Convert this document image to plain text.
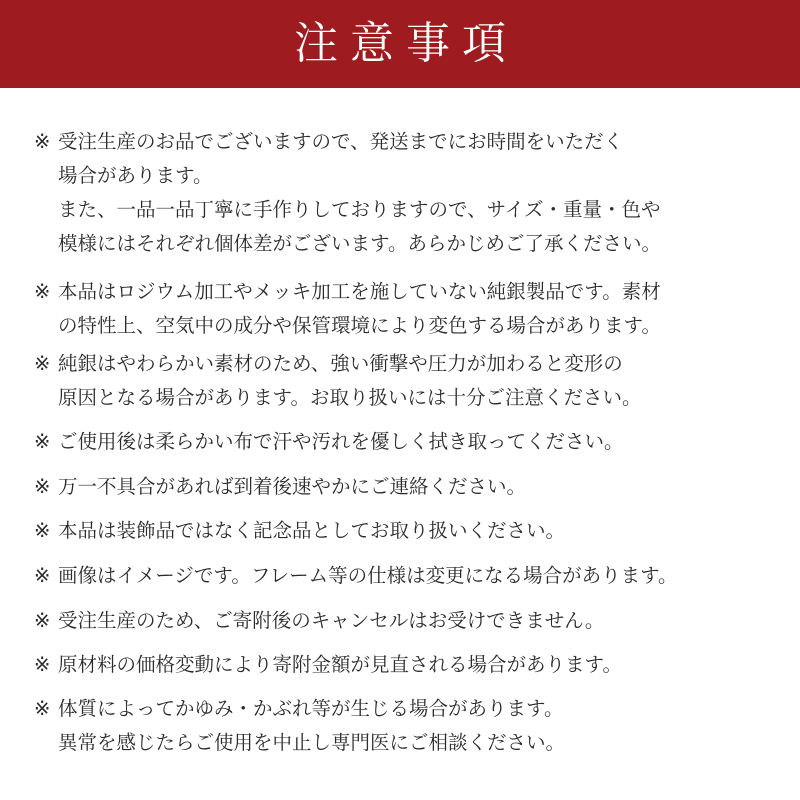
注意事項
※ 受注生産のお品でございますので、発送までにお時間をいただく
場合があります。
また、一品一品丁寧に手作りしておりますので、サイズ・重量・色や
模様にはそれぞれ個体差がございます。あらかじめご了承ください。
※ 本品はロジウム加工やメッキ加工を施していない純銀製品です。素材
の特性上、空気中の成分や保管環境により変色する場合があります。
※ 純銀はやわらかい素材のため、強い衝撃や圧力が加わると変形の
原因となる場合があります。お取り扱いには十分ご注意ください。
※ ご使用後は柔らかい布で汗や汚れを優しく拭き取ってください。
※ 万一不具合があれば到着後速やかにご連絡ください。
※ 本品は装飾品ではなく記念品としてお取り扱いください。
※ 画像はイメージです。フレーム等の仕様は変更になる場合があります。
※ 受注生産のため、ご寄附後のキャンセルはお受けできません。
※ 原材料の価格変動により寄附金額が見直される場合があります。
※ 体質によってかゆみ・かぶれ等が生じる場合があります。
異常を感じたらご使用を中止し専門医にご相談ください。
